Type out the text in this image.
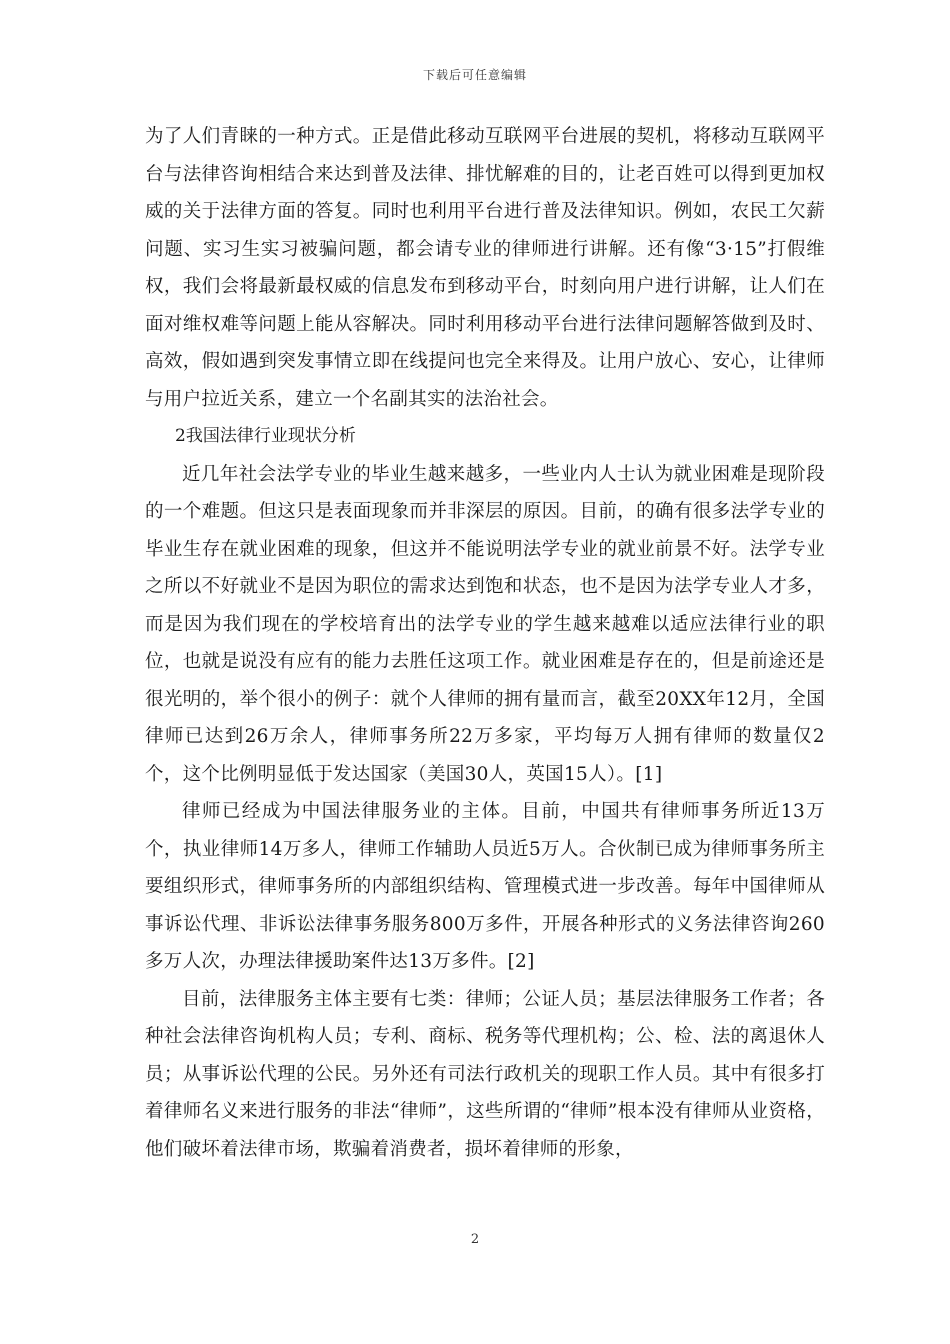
下载后可任意编辑

为了人们青睐的一种方式。正是借此移动互联网平台进展的契机，将移动互联网平台与法律咨询相结合来达到普及法律、排忧解难的目的，让老百姓可以得到更加权威的关于法律方面的答复。同时也利用平台进行普及法律知识。例如，农民工欠薪问题、实习生实习被骗问题，都会请专业的律师进行讲解。还有像“3·15”打假维权，我们会将最新最权威的信息发布到移动平台，时刻向用户进行讲解，让人们在面对维权难等问题上能从容解决。同时利用移动平台进行法律问题解答做到及时、高效，假如遇到突发事情立即在线提问也完全来得及。让用户放心、安心，让律师与用户拉近关系，建立一个名副其实的法治社会。

2我国法律行业现状分析

近几年社会法学专业的毕业生越来越多，一些业内人士认为就业困难是现阶段的一个难题。但这只是表面现象而并非深层的原因。目前，的确有很多法学专业的毕业生存在就业困难的现象，但这并不能说明法学专业的就业前景不好。法学专业之所以不好就业不是因为职位的需求达到饱和状态，也不是因为法学专业人才多，而是因为我们现在的学校培育出的法学专业的学生越来越难以适应法律行业的职位，也就是说没有应有的能力去胜任这项工作。就业困难是存在的，但是前途还是很光明的，举个很小的例子：就个人律师的拥有量而言，截至20XX年12月，全国律师已达到26万余人，律师事务所22万多家，平均每万人拥有律师的数量仅2个，这个比例明显低于发达国家（美国30人，英国15人）。[1]

律师已经成为中国法律服务业的主体。目前，中国共有律师事务所近13万个，执业律师14万多人，律师工作辅助人员近5万人。合伙制已成为律师事务所主要组织形式，律师事务所的内部组织结构、管理模式进一步改善。每年中国律师从事诉讼代理、非诉讼法律事务服务800万多件，开展各种形式的义务法律咨询260多万人次，办理法律援助案件达13万多件。[2]

目前，法律服务主体主要有七类：律师；公证人员；基层法律服务工作者；各种社会法律咨询机构人员；专利、商标、税务等代理机构；公、检、法的离退休人员；从事诉讼代理的公民。另外还有司法行政机关的现职工作人员。其中有很多打着律师名义来进行服务的非法“律师”，这些所谓的“律师”根本没有律师从业资格，他们破坏着法律市场，欺骗着消费者，损坏着律师的形象，

2
